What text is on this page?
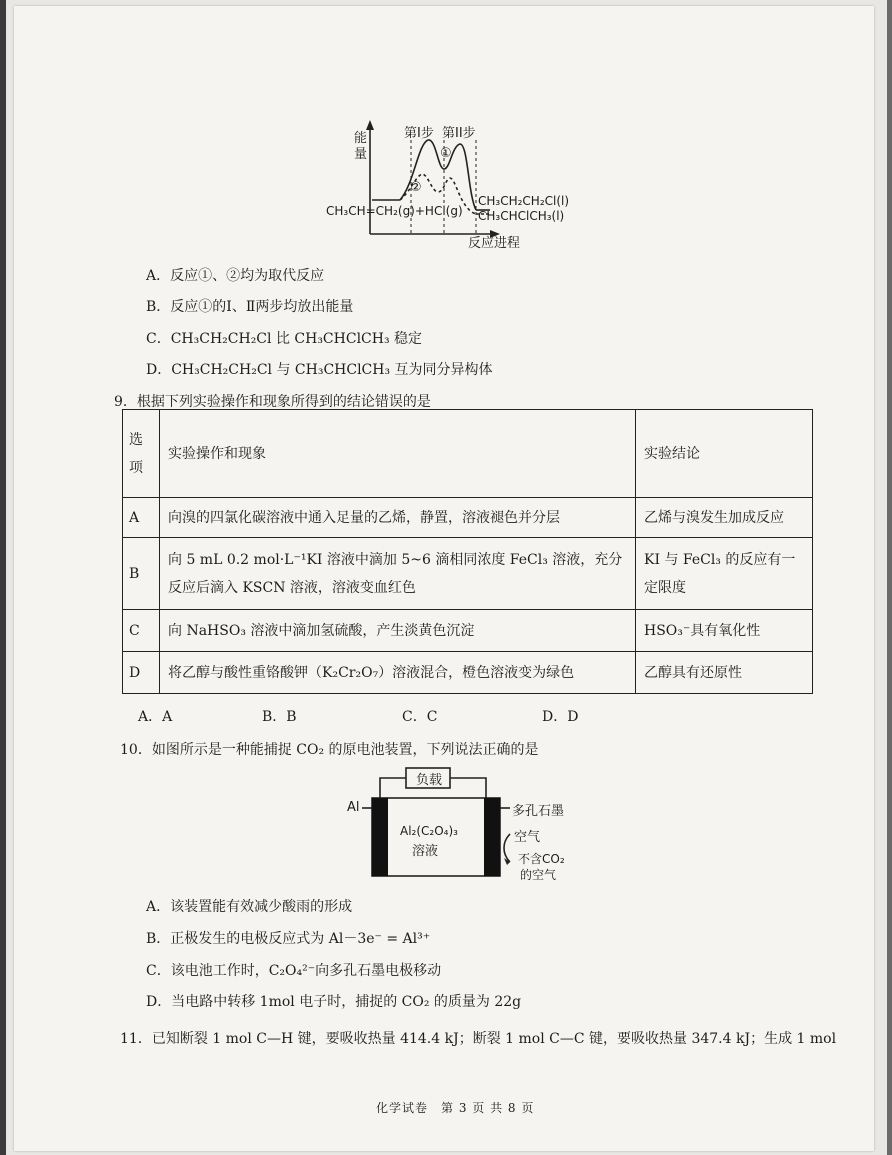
能量
第I步 第II步
①
②
CH₃CH=CH₂(g)+HCl(g)
CH₃CH₂CH₂Cl(l)
CH₃CHClCH₃(l)
反应进程
A．反应①、②均为取代反应
B．反应①的Ⅰ、Ⅱ两步均放出能量
C．CH₃CH₂CH₂Cl 比 CH₃CHClCH₃ 稳定
D．CH₃CH₂CH₂Cl 与 CH₃CHClCH₃ 互为同分异构体
9．根据下列实验操作和现象所得到的结论错误的是
选项	实验操作和现象	实验结论
A	向溴的四氯化碳溶液中通入足量的乙烯，静置，溶液褪色并分层	乙烯与溴发生加成反应
B	向 5 mL 0.2 mol·L⁻¹KI 溶液中滴加 5~6 滴相同浓度 FeCl₃ 溶液，充分反应后滴入 KSCN 溶液，溶液变血红色	KI 与 FeCl₃ 的反应有一定限度
C	向 NaHSO₃ 溶液中滴加氢硫酸，产生淡黄色沉淀	HSO₃⁻具有氧化性
D	将乙醇与酸性重铬酸钾（K₂Cr₂O₇）溶液混合，橙色溶液变为绿色	乙醇具有还原性
A．A	B．B	C．C	D．D
10．如图所示是一种能捕捉 CO₂ 的原电池装置，下列说法正确的是
负载
Al	多孔石墨
Al₂(C₂O₄)₃
溶液
空气
不含CO₂
的空气
A．该装置能有效减少酸雨的形成
B．正极发生的电极反应式为 Al－3e⁻ = Al³⁺
C．该电池工作时，C₂O₄²⁻向多孔石墨电极移动
D．当电路中转移 1mol 电子时，捕捉的 CO₂ 的质量为 22g
11．已知断裂 1 mol C—H 键，要吸收热量 414.4 kJ；断裂 1 mol C—C 键，要吸收热量 347.4 kJ；生成 1 mol
化学试卷　第 3 页 共 8 页
